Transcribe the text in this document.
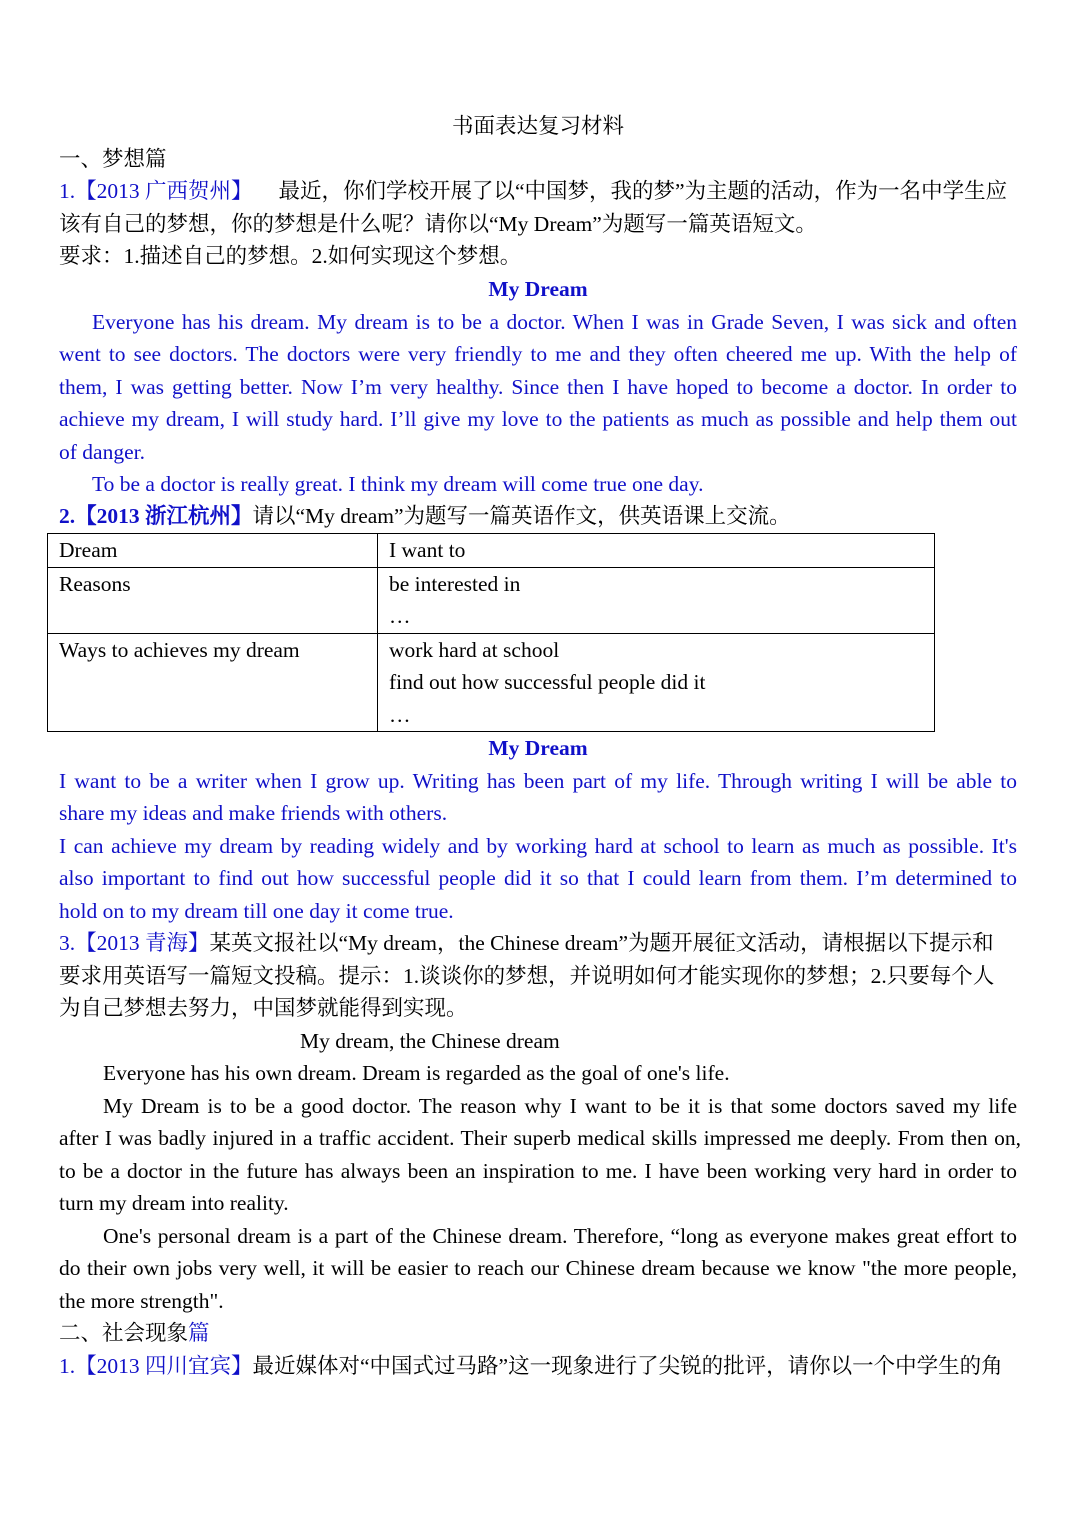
书面表达复习材料
一、梦想篇
1.【2013 广西贺州】 最近，你们学校开展了以“中国梦，我的梦”为主题的活动，作为一名中学生应
该有自己的梦想，你的梦想是什么呢？请你以“My Dream”为题写一篇英语短文。
要求：1.描述自己的梦想。2.如何实现这个梦想。
My Dream
Everyone has his dream. My dream is to be a doctor. When I was in Grade Seven, I was sick and often
went to see doctors. The doctors were very friendly to me and they often cheered me up. With the help of
them, I was getting better. Now I’m very healthy. Since then I have hoped to become a doctor. In order to
achieve my dream, I will study hard. I’ll give my love to the patients as much as possible and help them out
of danger.
To be a doctor is really great. I think my dream will come true one day.
2.【2013 浙江杭州】请以“My dream”为题写一篇英语作文，供英语课上交流。
Dream	I want to

Reasons	be interested in
…

Ways to achieves my dream	work hard at school
find out how successful people did it
…
My Dream
I want to be a writer when I grow up. Writing has been part of my life. Through writing I will be able to
share my ideas and make friends with others.
I can achieve my dream by reading widely and by working hard at school to learn as much as possible. It's
also important to find out how successful people did it so that I could learn from them. I’m determined to
hold on to my dream till one day it come true.
3.【2013 青海】某英文报社以“My dream，the Chinese dream”为题开展征文活动，请根据以下提示和
要求用英语写一篇短文投稿。提示：1.谈谈你的梦想，并说明如何才能实现你的梦想；2.只要每个人
为自己梦想去努力，中国梦就能得到实现。
My dream, the Chinese dream
Everyone has his own dream. Dream is regarded as the goal of one's life.
My Dream is to be a good doctor. The reason why I want to be it is that some doctors saved my life
after I was badly injured in a traffic accident. Their superb medical skills impressed me deeply. From then on,
to be a doctor in the future has always been an inspiration to me. I have been working very hard in order to
turn my dream into reality.
One's personal dream is a part of the Chinese dream. Therefore, “long as everyone makes great effort to
do their own jobs very well, it will be easier to reach our Chinese dream because we know "the more people,
the more strength".
二、社会现象篇
1.【2013 四川宜宾】最近媒体对“中国式过马路”这一现象进行了尖锐的批评，请你以一个中学生的角
